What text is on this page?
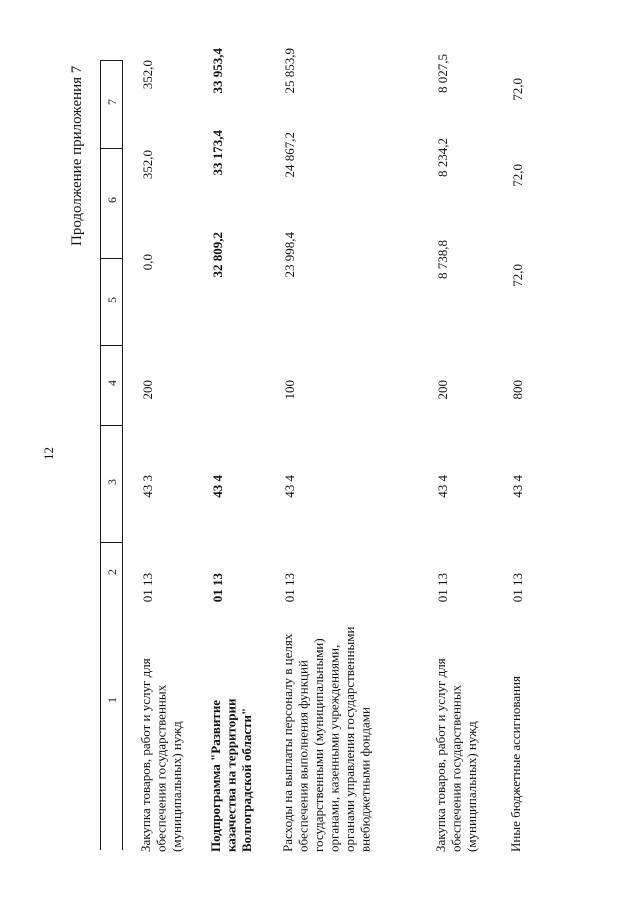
12
Продолжение приложения 7
1
2
3
4
5
6
7
Закупка товаров, работ и услуг для обеспечения государственных (муниципальных) нужд
01 13
43 3
200
0,0
352,0
352,0
Подпрограмма "Развитие казачества на территории Волгоградской области"
01 13
43 4
32 809,2
33 173,4
33 953,4
Расходы на выплаты персоналу в целях обеспечения выполнения функций государственными (муниципальными) органами, казенными учреждениями, органами управления государственными внебюджетными фондами
01 13
43 4
100
23 998,4
24 867,2
25 853,9
Закупка товаров, работ и услуг для обеспечения государственных (муниципальных) нужд
01 13
43 4
200
8 738,8
8 234,2
8 027,5
Иные бюджетные ассигнования
01 13
43 4
800
72,0
72,0
72,0
